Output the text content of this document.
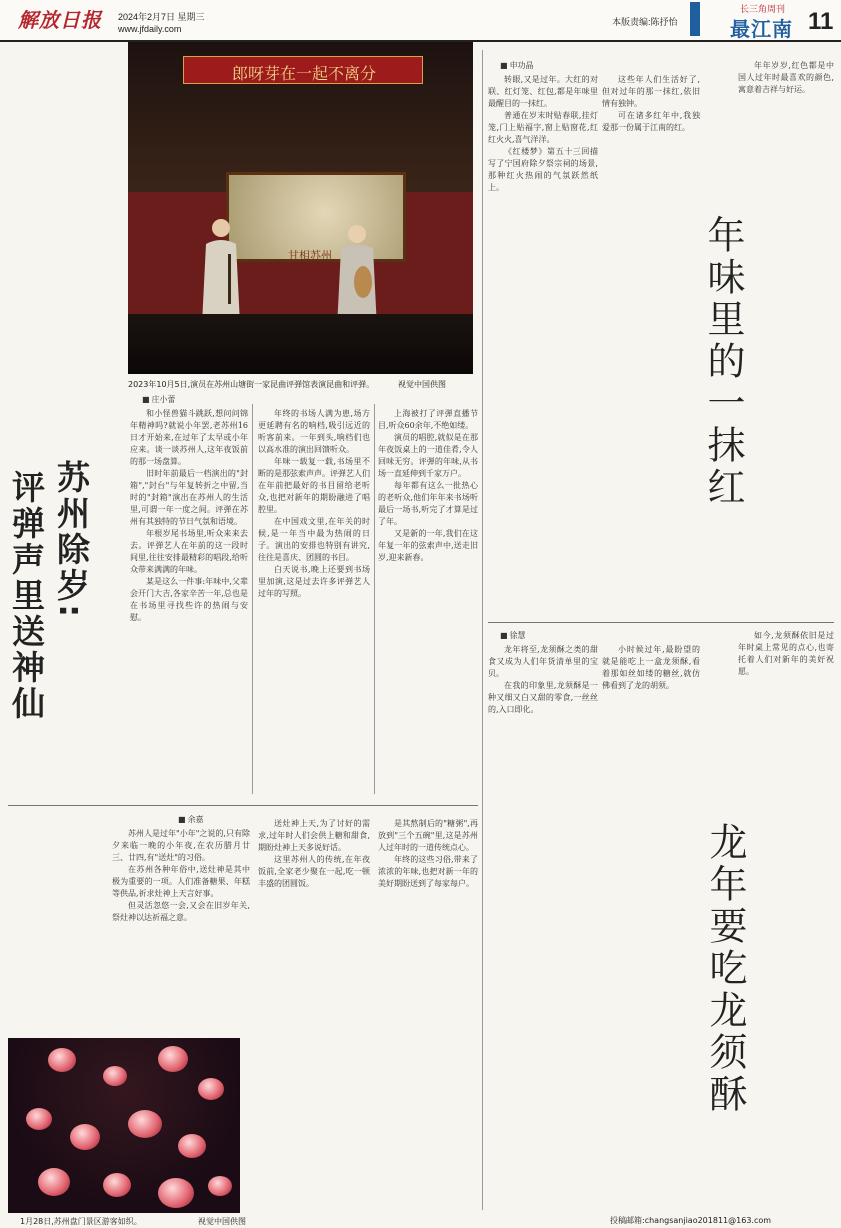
解放日报 2024年2月7日 星期三
www.jfdaily.com
本版责编:陈抒怡
长三角周刊
最江南 11
郎呀芽在一起不离分
甘相苏州
2023年10月5日,演员在苏州山塘街一家昆曲评弹馆表演昆曲和评弹。	视觉中国供图
■ 庄小蕾
苏州除岁:
评弹声里送神仙

和小怪兽猫斗跳跃,想问问锦年精神吗?就说小年罢,老苏州16日才开始来,在过年了太早或小年应来。谈一谈苏州人,这年夜饭前的那一场盘算。

旧时年前最后一档演出的"封箱","封台"与年复转折之中留,当时的"封箱"演出在苏州人的生活里,可谓一年一度之间。评弹在苏州有其独特的节日气氛和语境。

年根岁尾书场里,听众来来去去。评弹艺人在年前的这一段时间里,往往安排最精彩的唱段,给听众带来满满的年味。

某是这么一件事:年味中,父辈会开门大吉,各家辛苦一年,总也是在书场里寻找些许的热闹与安慰。

年终的书场人满为患,场方更延聘有名的响档,吸引远近的听客前来。一年到头,响档们也以高水准的演出回馈听众。

年味一载复一载,书场里不断的是那弦索声声。评弹艺人们在年前把最好的书目留给老听众,也把对新年的期盼融进了唱腔里。

在中国戏文里,在年关的时候,是一年当中最为热闹的日子。演出的安排也特别有讲究,往往是喜庆、团圆的书目。

白天说书,晚上还要到书场里加演,这是过去许多评弹艺人过年的写照。

上海被打了评弹直播节目,听众60余年,不绝如缕。

演员的唱腔,就似是在那年夜饭桌上的一道佳肴,令人回味无穷。评弹的年味,从书场一直延伸到千家万户。

每年都有这么一批热心的老听众,他们年年来书场听最后一场书,听完了才算是过了年。

又是新的一年,我们在这年复一年的弦索声中,送走旧岁,迎来新春。

■ 申功晶

转眼,又是过年。大红的对联、红灯笼、红包,都是年味里最醒目的一抹红。

普通在岁末时贴春联,挂灯笼,门上贴福字,窗上贴窗花,红红火火,喜气洋洋。

《红楼梦》第五十三回描写了宁国府除夕祭宗祠的场景,那种红火热闹的气氛跃然纸上。

这些年人们生活好了,但对过年的那一抹红,依旧情有独钟。

可在诸多红年中,我独爱那一份属于江南的红。

年味里的一抹红

年年岁岁,红色都是中国人过年时最喜欢的颜色,寓意着吉祥与好运。

■ 徐慧

龙年将至,龙须酥之类的甜食又成为人们年货清单里的宝贝。

在我的印象里,龙须酥是一种又细又白又甜的零食,一丝丝的,入口即化。

小时候过年,最盼望的就是能吃上一盒龙须酥,看着那如丝如缕的糖丝,就仿佛看到了龙的胡须。

龙年要吃龙须酥

如今,龙须酥依旧是过年时桌上常见的点心,也寄托着人们对新年的美好祝愿。

■ 余嘉

苏州人是过年"小年"之说的,只有除夕来临一晚的小年夜,在农历腊月廿三、廿四,有"送灶"的习俗。

在苏州各种年俗中,送灶神是其中极为重要的一项。人们准备糖果、年糕等供品,祈求灶神上天言好事。

但灵活忽悠一会,又会在旧岁年关,祭灶神以达祈福之意。

送灶神上天,为了讨好的需求,过年时人们会供上糖和甜食,期盼灶神上天多说好话。

这里苏州人的传统,在年夜饭前,全家老少聚在一起,吃一顿丰盛的团圆饭。

是其熬制后的"糖粥",再放到"三个五碗"里,这是苏州人过年时的一道传统点心。

年终的这些习俗,带来了浓浓的年味,也把对新一年的美好期盼送到了每家每户。

1月28日,苏州盘门景区游客如织。	视觉中国供图	投稿邮箱:changsanjiao201811@163.com
